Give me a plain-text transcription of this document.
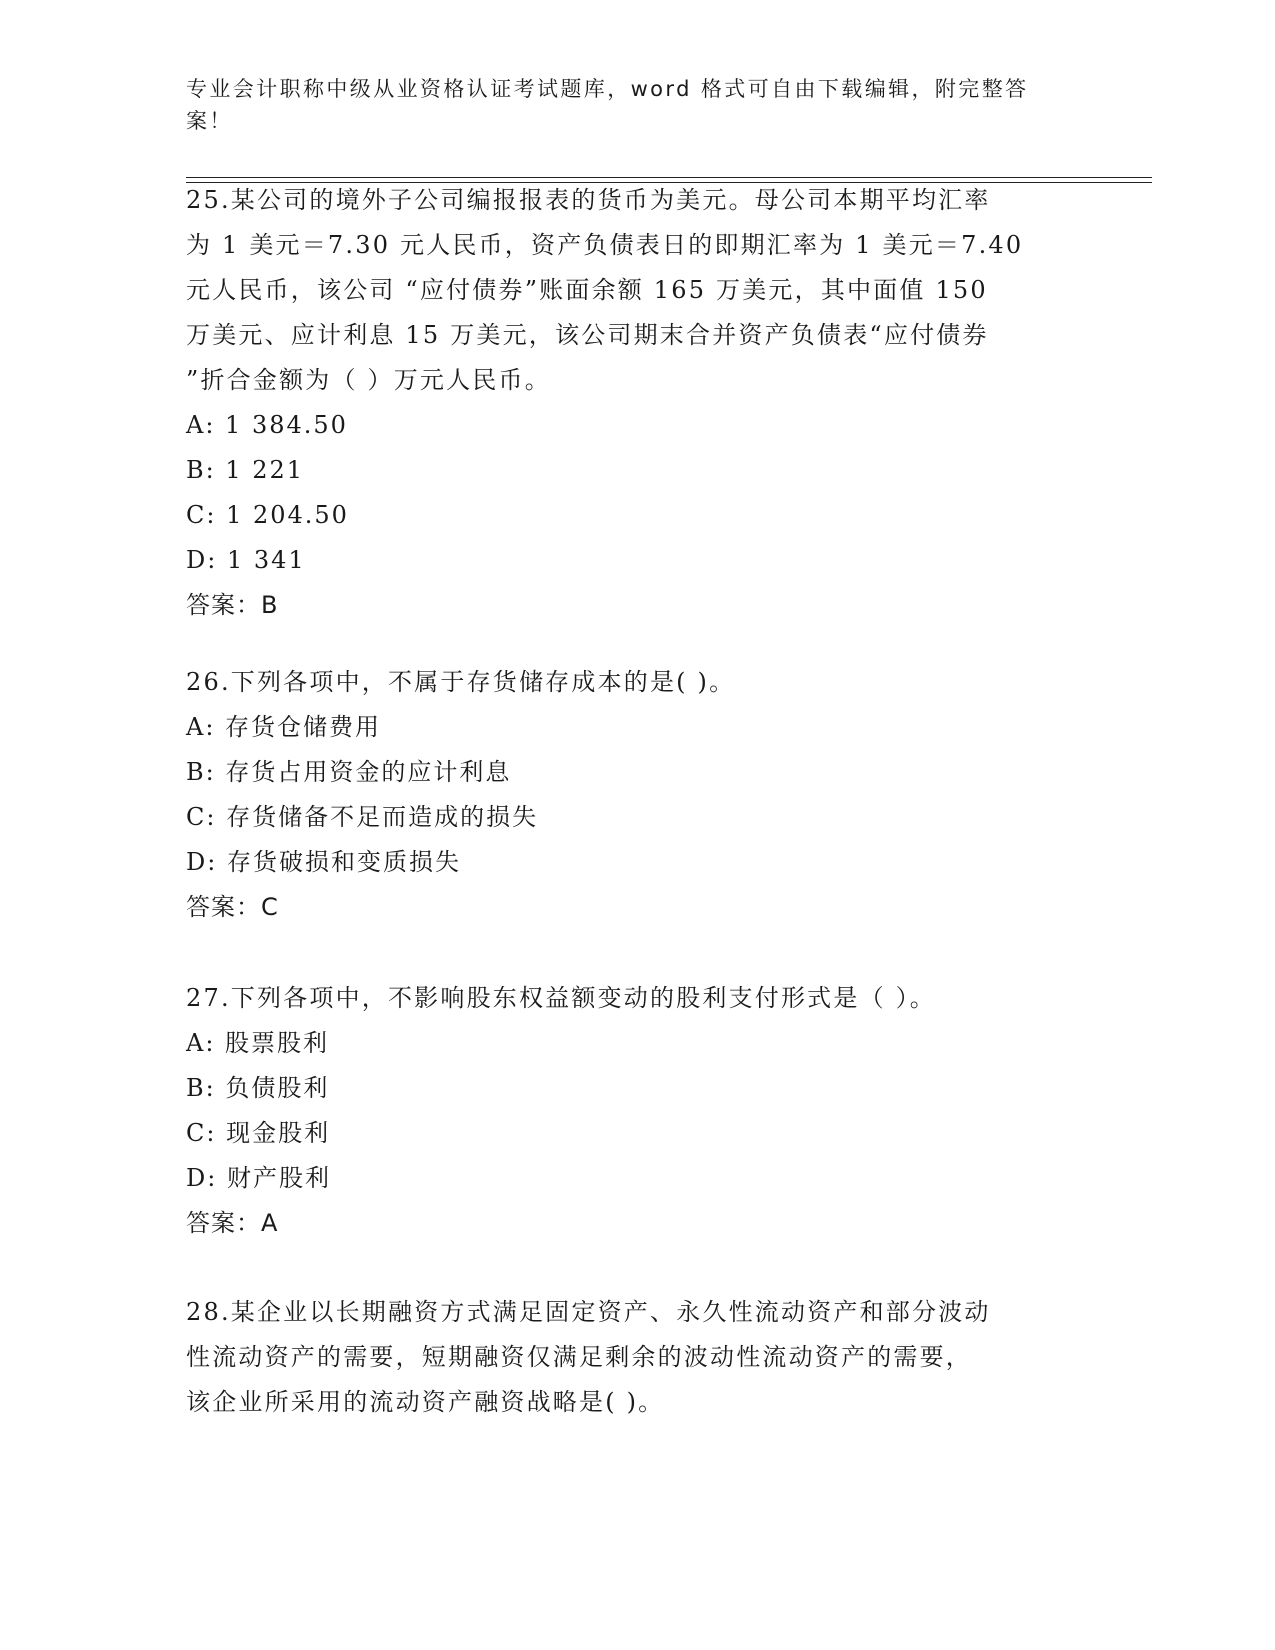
专业会计职称中级从业资格认证考试题库，word 格式可自由下载编辑，附完整答
案！

25.某公司的境外子公司编报报表的货币为美元。母公司本期平均汇率

为 1 美元＝7.30 元人民币，资产负债表日的即期汇率为 1 美元＝7.40

元人民币，该公司 “应付债券”账面余额 165 万美元，其中面值 150

万美元、应计利息 15 万美元，该公司期末合并资产负债表“应付债券

”折合金额为（ ）万元人民币。

A: 1 384.50

B: 1 221

C: 1 204.50

D: 1 341

答案：B

26.下列各项中，不属于存货储存成本的是( )。

A: 存货仓储费用

B: 存货占用资金的应计利息

C: 存货储备不足而造成的损失

D: 存货破损和变质损失

答案：C

27.下列各项中，不影响股东权益额变动的股利支付形式是（ ）。

A: 股票股利

B: 负债股利

C: 现金股利

D: 财产股利

答案：A

28.某企业以长期融资方式满足固定资产、永久性流动资产和部分波动

性流动资产的需要，短期融资仅满足剩余的波动性流动资产的需要，

该企业所采用的流动资产融资战略是( )。
